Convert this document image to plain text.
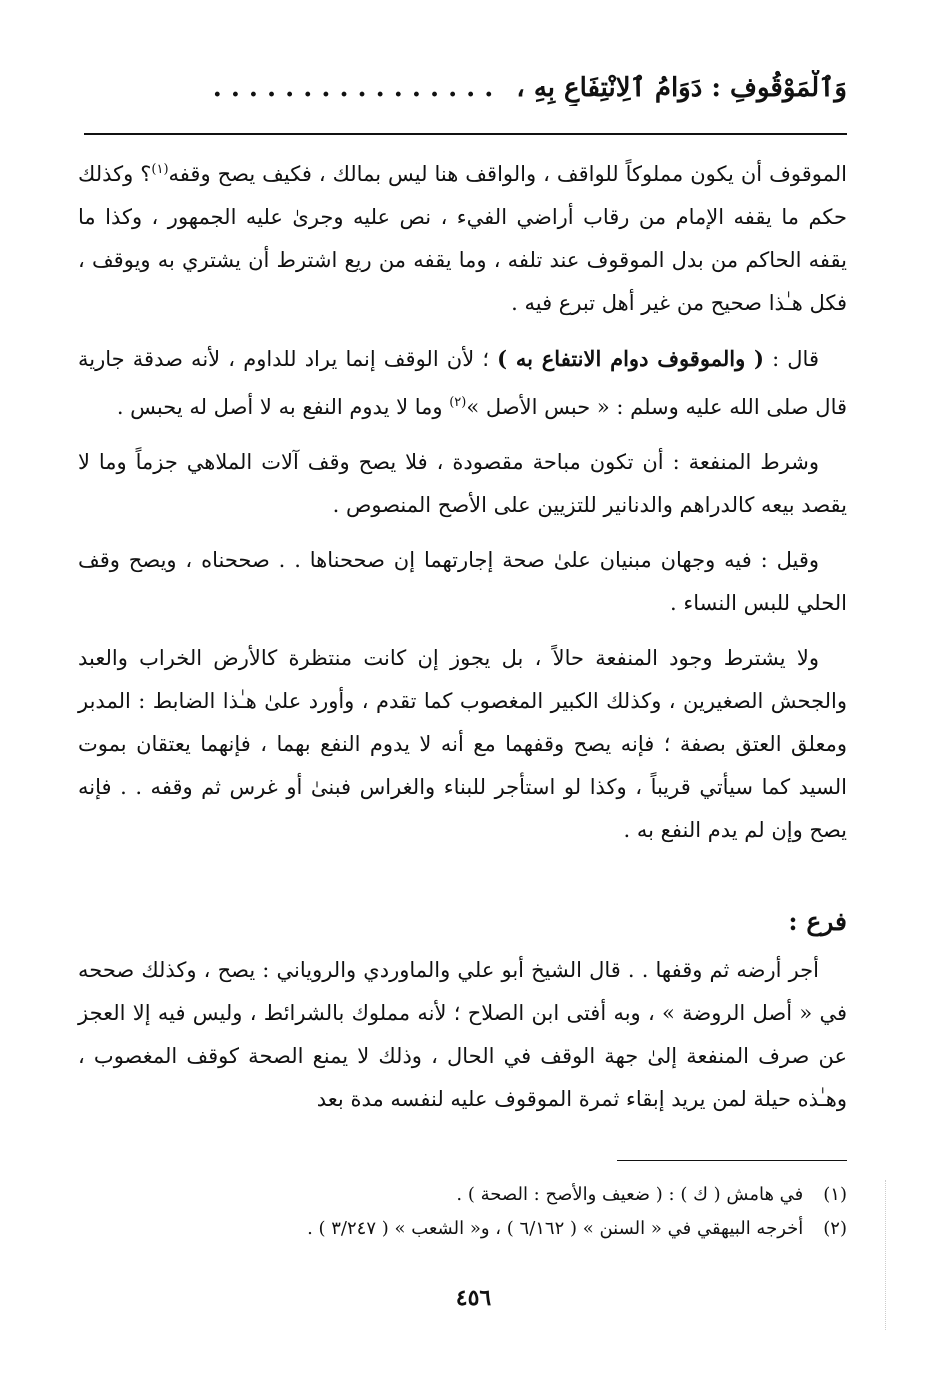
وَٱلْمَوْقُوفِ : دَوَامُ ٱلِانْتِفَاعِ بِهِ ، . . . . . . . . . . . . . . . .

الموقوف أن يكون مملوكاً للواقف ، والواقف هنا ليس بمالك ، فكيف يصح وقفه$^{(١)}$؟ وكذلك حكم ما يقفه الإمام من رقاب أراضي الفيء ، نص عليه وجرىٰ عليه الجمهور ، وكذا ما يقفه الحاكم من بدل الموقوف عند تلفه ، وما يقفه من ريع اشترط أن يشتري به ويوقف ، فكل هـٰذا صحيح من غير أهل تبرع فيه .

قال : ( والموقوف دوام الانتفاع به ) ؛ لأن الوقف إنما يراد للداوم ، لأنه صدقة جارية قال صلى الله عليه وسلم : « حبس الأصل »$^{(٢)}$ وما لا يدوم النفع به لا أصل له يحبس .

وشرط المنفعة : أن تكون مباحة مقصودة ، فلا يصح وقف آلات الملاهي جزماً وما لا يقصد بيعه كالدراهم والدنانير للتزيين على الأصح المنصوص .

وقيل : فيه وجهان مبنيان علىٰ صحة إجارتهما إن صححناها . . صححناه ، ويصح وقف الحلي للبس النساء .

ولا يشترط وجود المنفعة حالاً ، بل يجوز إن كانت منتظرة كالأرض الخراب والعبد والجحش الصغيرين ، وكذلك الكبير المغصوب كما تقدم ، وأورد علىٰ هـٰذا الضابط : المدبر ومعلق العتق بصفة ؛ فإنه يصح وقفهما مع أنه لا يدوم النفع بهما ، فإنهما يعتقان بموت السيد كما سيأتي قريباً ، وكذا لو استأجر للبناء والغراس فبنىٰ أو غرس ثم وقفه . . فإنه يصح وإن لم يدم النفع به .

فرع :

أجر أرضه ثم وقفها . . قال الشيخ أبو علي والماوردي والروياني : يصح ، وكذلك صححه في « أصل الروضة » ، وبه أفتى ابن الصلاح ؛ لأنه مملوك بالشرائط ، وليس فيه إلا العجز عن صرف المنفعة إلىٰ جهة الوقف في الحال ، وذلك لا يمنع الصحة كوقف المغصوب ، وهـٰذه حيلة لمن يريد إبقاء ثمرة الموقوف عليه لنفسه مدة بعد

(١) في هامش ( ك ) : ( ضعيف والأصح : الصحة ) .
(٢) أخرجه البيهقي في « السنن » ( ٦/١٦٢ ) ، و« الشعب » ( ٣/٢٤٧ ) .
٤٥٦
